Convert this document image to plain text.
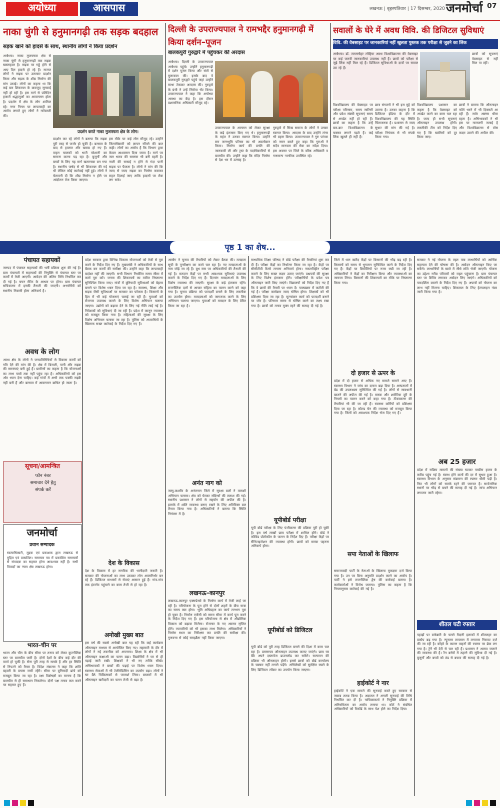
अयोध्या	आसपास	लखनऊ | बृहस्पतिवार | 17 दिसम्बर, 2020 जनमोर्चा 07
नाका चुंगी से हनुमानगढ़ी तक सड़क बदहाल
सड़क खाने को हादसे के साथ, स्थानीय लोगों ने किया प्रदर्शन

अयोध्या। नाका मुजफ्फरा क्षेत्र से नाका चुंगी से हनुमानगढ़ी तक सड़क खस्ताहाल है। सड़क पर गड्ढे होने से आए दिन हादसे हो रहे हैं। नाराज लोगों ने सड़क पर उतरकर प्रदर्शन किया और सड़क के शीघ्र निर्माण की मांग उठाई। लोगों का कहना था कि कई बार शिकायत के बावजूद सुनवाई नहीं हो रही है। इस मार्ग से प्रतिदिन हजारों श्रद्धालुओं का आवागमन होता है। प्रदर्शन में क्षेत्र के लोग शामिल रहे। नगर निगम पर लापरवाही का आरोप लगाते हुए लोगों ने नारेबाजी की।

प्रदर्शन करते नाका मुजफ्फरा क्षेत्र के लोग।

प्रदर्शन कर रहे लोगों ने बताया कि सड़क पूरी तरह से जर्जर हो चुकी है। बरसात के बाद से हालात और खराब हो गए हैं। वाहन चालकों को भारी परेशानी का सामना करना पड़ रहा है। बुजुर्गों और बच्चों के लिए यह मार्ग खतरनाक बन गया है। स्थानीय पार्षद से भी शिकायत की गई थी लेकिन कोई कार्रवाई नहीं हुई। लोगों ने चेतावनी दी कि शीघ्र निर्माण न होने पर आंदोलन तेज किया जाएगा।

इस मौके पर कई लोग मौजूद रहे। उन्होंने जिलाधिकारी को ज्ञापन सौंपने की बात कही। लोगों का आरोप है कि विभाग द्वारा केवल आश्वासन दिया जाता है। मार्ग पर जल भराव की समस्या भी बनी रहती है। नाली की सफाई न होने से गंदा पानी सड़क पर फैलता है। लोगों ने मांग की कि जल्द से जल्द सड़क का निर्माण कराकर राहत दिलाई जाए ताकि हादसों पर रोक लग सके।

दिल्ली के उपराज्यपाल ने रामभद्दैर हनुमानगढ़ी में किया दर्शन–पूजन
बालकपुरी गुरुद्वारे में पहुंचकर की अरदास

अयोध्या। दिल्ली के उपराज्यपाल अयोध्या पहुंचे। उन्होंने हनुमानगढ़ी में दर्शन पूजन किया और संतों से मुलाकात की। इसके बाद वे बालकपुरी गुरुद्वारे पहुंचे जहां उन्होंने मत्था टेककर अरदास की। गुरुद्वारे के ग्रंथी ने उन्हें सिरोपा भेंट किया। उपराज्यपाल ने कहा कि अयोध्या आस्था का केंद्र है। इस दौरान प्रशासनिक अधिकारी मौजूद रहे।

उपराज्यपाल के आगमन को लेकर सुरक्षा के कड़े इंतजाम किए गए थे। हनुमानगढ़ी के महंत ने उनका स्वागत किया। उन्होंने राम जन्मभूमि परिसर का भी अवलोकन किया। निर्माण कार्य की प्रगति की जानकारी ली और ट्रस्ट के पदाधिकारियों से बातचीत की। उन्होंने कहा कि मंदिर निर्माण से देश भर में उत्साह है।

गुरुद्वारे में सिख समाज के लोगों ने उनका स्वागत किया। अरदास के बाद उन्होंने लंगर भी ग्रहण किया। उपराज्यपाल ने गुरु परंपरा को नमन करते हुए कहा कि गुरुओं ने सदैव मानवता की सेवा का संदेश दिया। इस अवसर पर जिले के वरिष्ठ अधिकारी व गणमान्य नागरिक उपस्थित रहे।

सवालों के घेरे में अवध विवि. की डिजिटल सुविधाएं
विवि. की वेबसाइट पर जानकारियां नहीं खुलता पुस्तक तक परीक्षा से जुड़ने का लिंक

अयोध्या। डॉ. राममनोहर लोहिया अवध विश्वविद्यालय की वेबसाइट पर कई जरूरी जानकारियां उपलब्ध नहीं हैं। छात्रों को परीक्षा से जुड़े लिंक नहीं मिल रहे हैं। डिजिटल सुविधाओं के दावों पर सवाल उठ रहे हैं।

छात्रों को सूचनाएं वेबसाइट से नहीं मिल पा रहीं।

विश्वविद्यालय की वेबसाइट पर परीक्षा परिणाम, समय सारिणी और प्रवेश संबंधी सूचनाएं समय से अपडेट नहीं हो रही हैं। छात्रों का कहना है कि उन्हें बार-बार विश्वविद्यालय के चक्कर लगाने पड़ते हैं। कई लिंक खुलते ही नहीं हैं।

छात्र संगठनों ने भी इस मुद्दे को उठाया है। उनका कहना है कि डिजिटल इंडिया के दौर में विश्वविद्यालय की यह स्थिति चिंताजनक है। प्रशासन से जल्द सुधार की मांग की गई है। परीक्षा नियंत्रक से भी संपर्क किया गया।

विश्वविद्यालय प्रशासन का कहना है कि वेबसाइट को अपडेट करने का काम चल रहा है। जल्द ही सभी सूचनाएं ऑनलाइन उपलब्ध होंगी। तकनीकी टीम को निर्देश दिए गए हैं कि खामियों को दूर किया जाए।

छात्रों ने बताया कि ऑनलाइन फॉर्म भरने में भी दिक्कतें आ रही हैं। सर्वर अक्सर धीमा रहता है। अभिभावकों ने भी इस पर नाराजगी जताई है और विश्वविद्यालय से ठोस कदम उठाने की अपील की।

पृष्ठ 1 का शेष...
पंचायत सहायकों

जनपद में पंचायत सहायकों की भर्ती प्रक्रिया शुरू की गई है। ग्राम पंचायतों में सहायकों की नियुक्ति से पंचायत स्तर पर कार्यों में तेजी आएगी। आवेदन की अंतिम तिथि निर्धारित कर दी गई है। चयन मेरिट के आधार पर होगा। ग्राम पंचायत सचिवालय में इनकी तैनाती की जाएगी। अभ्यर्थियों को स्थानीय निवासी होना अनिवार्य है।

अवध के लोग

अवध क्षेत्र के लोगों ने जनप्रतिनिधियों से विकास कार्यों को गति देने की मांग की है। क्षेत्र में बिजली, पानी और सड़क की समस्याएं बनी हुई हैं। ग्रामीणों का कहना है कि योजनाओं का लाभ पात्रों तक नहीं पहुंच रहा है। अधिकारियों को इस ओर ध्यान देना चाहिए। कई गांवों में अभी तक पक्की सड़कें नहीं बनी हैं और बरसात में आवागमन बाधित हो जाता है।

सूचना/आमन्त्रित
फोन नंबर
समाचार देने हेतु
संपर्क करें
जनमोर्चा
प्रधान सम्पादक

स्वत्वाधिकारी, मुद्रक एवं प्रकाशक द्वारा लखनऊ से मुद्रित एवं प्रकाशित। समाचार पत्र में प्रकाशित समाचारों से संपादक का सहमत होना आवश्यक नहीं है। सभी विवादों का न्याय क्षेत्र लखनऊ होगा।

भारत–चीन पर

भारत और चीन के बीच सीमा पर तनाव को लेकर कूटनीतिक स्तर पर बातचीत जारी है। दोनों देशों के बीच कई दौर की वार्ता हो चुकी है। सेना पूरी तरह से सतर्क है और हर स्थिति से निपटने को तैयार है। विदेश मंत्रालय ने कहा कि शांति बहाली के प्रयास जारी रहेंगे। सीमा पर बुनियादी ढांचे को मजबूत किया जा रहा है। रक्षा विशेषज्ञों का मानना है कि बातचीत से ही समाधान निकलेगा। दोनों पक्ष तनाव कम करने पर सहमत हुए हैं।

प्रदेश सरकार द्वारा विभिन्न विकास योजनाओं को तेजी से पूरा करने के निर्देश दिए गए हैं। मुख्यमंत्री ने अधिकारियों के साथ बैठक कर कार्यों की समीक्षा की। उन्होंने कहा कि लापरवाही बर्दाश्त नहीं की जाएगी। सभी विभाग निर्धारित समय सीमा में कार्य पूरा करें। जनता की शिकायतों का त्वरित निस्तारण सुनिश्चित किया जाए। गांवों में बुनियादी सुविधाओं को बेहतर बनाने पर विशेष ध्यान दिया जा रहा है। स्वास्थ्य, शिक्षा और सड़क जैसी सुविधाओं पर सरकार का फोकस है। किसानों के हित में भी कई योजनाएं चलाई जा रही हैं। युवाओं को रोजगार उपलब्ध कराने के लिए विशेष अभियान चलाया जाएगा। उद्योगों को बढ़ावा देने के लिए नई नीति लाई गई है। निवेशकों को सुविधाएं दी जा रही हैं। प्रदेश में कानून व्यवस्था को मजबूत किया गया है। महिलाओं की सुरक्षा के लिए विशेष अभियान चलाया जा रहा है। पुलिस को अपराधियों के खिलाफ सख्त कार्रवाई के निर्देश दिए गए हैं।

देश के विकास

देश के विकास में हर नागरिक की भागीदारी जरूरी है। सरकार की योजनाओं का लाभ उठाकर लोग आत्मनिर्भर बन रहे हैं। डिजिटल माध्यमों से सेवाएं आसान हुई हैं। गांव-गांव तक इंटरनेट पहुंचाने का काम तेजी से हो रहा है।

अनोखी मुख्य बात

इस वर्ष की सबसे अनोखी बात यह रही कि कई कार्यक्रम ऑनलाइन माध्यम से आयोजित किए गए। महामारी के दौर में लोगों ने नई तकनीक को अपनाया। शिक्षा के क्षेत्र में भी ऑनलाइन कक्षाओं का चलन बढ़ा। विद्यार्थियों ने घर से ही पढ़ाई जारी रखी। शिक्षकों ने भी नए तरीके सीखे। अभिभावकों ने बच्चों की पढ़ाई पर विशेष ध्यान दिया। स्वास्थ्य सेवाओं में भी टेलीमेडिसिन का उपयोग बढ़ा। लोगों ने घर बैठे चिकित्सकों से परामर्श लिया। बाजारों में भी ऑनलाइन खरीदारी का चलन तेजी से बढ़ा है।

आयोग ने चुनाव की तैयारियों को लेकर बैठक की। मतदाता सूची के पुनरीक्षण का कार्य चल रहा है। नए मतदाताओं के नाम जोड़े जा रहे हैं। बूथ स्तर पर अधिकारियों की तैनाती की गई है। मतदान केंद्रों पर सभी आवश्यक सुविधाएं उपलब्ध कराने के निर्देश दिए गए हैं। दिव्यांग मतदाताओं के लिए विशेष व्यवस्था की जाएगी। सुरक्षा के कड़े इंतजाम रहेंगे। राजनीतिक दलों से आचार संहिता का पालन करने को कहा गया है। चुनाव प्रक्रिया को पारदर्शी बनाने के लिए तकनीक का उपयोग होगा। मतदाताओं को जागरूक करने के लिए अभियान चलाया जाएगा। युवाओं को मतदान के लिए प्रेरित किया जा रहा है।

अनंत नाग को

जम्मू-कश्मीर के अनंतनाग जिले में सुरक्षा बलों ने तलाशी अभियान चलाया। क्षेत्र को घेरकर संदिग्धों की तलाश की गई। स्थानीय प्रशासन ने लोगों से सहयोग की अपील की है। इलाके में शांति व्यवस्था बनाए रखने के लिए अतिरिक्त बल तैनात किया गया है। अधिकारियों ने बताया कि स्थिति नियंत्रण में है।

लखनऊ–कानपुर

लखनऊ-कानपुर एक्सप्रेसवे के निर्माण कार्य में तेजी लाई जा रही है। परियोजना के पूरा होने से दोनों शहरों के बीच यात्रा का समय कम होगा। भूमि अधिग्रहण का कार्य लगभग पूरा हो चुका है। निर्माण एजेंसी को समय सीमा में कार्य पूरा करने के निर्देश दिए गए हैं। इस परियोजना से क्षेत्र में औद्योगिक विकास को बढ़ावा मिलेगा। रोजगार के नए अवसर सृजित होंगे। व्यापारियों को भी इसका लाभ मिलेगा। अधिकारियों ने निर्माण स्थल का निरीक्षण कर प्रगति की समीक्षा की। गुणवत्ता से कोई समझौता नहीं किया जाएगा।

माध्यमिक शिक्षा परिषद ने बोर्ड परीक्षा की तैयारियां शुरू कर दी हैं। परीक्षा केंद्रों का निर्धारण किया जा रहा है। केंद्रों पर सीसीटीवी कैमरे लगाना अनिवार्य होगा। नकलविहीन परीक्षा कराने के लिए सख्त कदम उठाए जाएंगे। प्रश्नपत्रों की सुरक्षा के लिए विशेष इंतजाम होंगे। परीक्षार्थियों के प्रवेश पत्र ऑनलाइन जारी किए जाएंगे। विद्यालयों को निर्देश दिए गए हैं कि वे छात्रों की तैयारी पर ध्यान दें। पाठ्यक्रम में कटौती की गई है। परीक्षा कार्यक्रम जल्द घोषित होगा। शिक्षकों को भी प्रशिक्षण दिया जा रहा है। मूल्यांकन कार्य को पारदर्शी बनाने पर जोर है। परिणाम समय से घोषित करने का लक्ष्य रखा गया है। छात्रों को तनाव मुक्त रहने की सलाह दी गई है।

यूपीबोर्ड परीक्षा

यूपी बोर्ड परीक्षा के लिए पंजीकरण की प्रक्रिया पूरी हो चुकी है। इस वर्ष लाखों छात्र परीक्षा में शामिल होंगे। बोर्ड ने कोविड प्रोटोकॉल के पालन के निर्देश दिए हैं। परीक्षा केंद्रों पर सैनिटाइजेशन की व्यवस्था होगी। छात्रों को मास्क पहनना अनिवार्य होगा।

यूपीबोर्ड को डिजिटल

यूपी बोर्ड को पूरी तरह डिजिटल बनाने की दिशा में काम चल रहा है। प्रमाणपत्र ऑनलाइन उपलब्ध कराए जाएंगे। छात्र घर बैठे अपने दस्तावेज डाउनलोड कर सकेंगे। सत्यापन की प्रक्रिया भी ऑनलाइन होगी। इससे छात्रों को बोर्ड कार्यालय के चक्कर नहीं लगाने पड़ेंगे। अभिलेखों को सुरक्षित रखने के लिए डिजिटल लॉकर का उपयोग किया जाएगा।

जिले में धान खरीद केंद्रों पर किसानों की भीड़ बढ़ रही है। किसानों को समय से भुगतान सुनिश्चित करने के निर्देश दिए गए हैं। केंद्रों पर बिचौलियों पर नजर रखी जा रही है। अधिकारियों ने केंद्रों का निरीक्षण किया और व्यवस्थाओं का जायजा लिया। किसानों की शिकायतों का मौके पर निस्तारण किया गया।

दो हजार से ऊपर के

प्रदेश में दो हजार से अधिक नए मामले सामने आए हैं। स्वास्थ्य विभाग ने जांच का दायरा बढ़ा दिया है। अस्पतालों में बेड की उपलब्धता सुनिश्चित की गई है। लोगों से सावधानी बरतने की अपील की गई है। मास्क और शारीरिक दूरी के नियमों का पालन करने को कहा गया है। टीकाकरण की तैयारियां भी की जा रही हैं। स्वास्थ्य कर्मियों को प्रशिक्षण दिया जा रहा है। कोल्ड चेन की व्यवस्था को मजबूत किया गया है। जिलों को आवश्यक निर्देश भेज दिए गए हैं।

सपा नेताओं के खिलाफ

समाजवादी पार्टी के नेताओं के खिलाफ मुकदमा दर्ज किया गया है। उन पर बिना अनुमति प्रदर्शन करने का आरोप है। पार्टी ने इसे राजनीतिक द्वेष की कार्रवाई बताया है। कार्यकर्ताओं ने विरोध जताया। पुलिस का कहना है कि नियमानुसार कार्रवाई की गई है।

हाईकोर्ट ने नार

हाईकोर्ट ने एक मामले की सुनवाई करते हुए सरकार से जवाब तलब किया है। अदालत ने अगली सुनवाई की तिथि निर्धारित कर दी है। याचिकाकर्ता ने नियुक्ति प्रक्रिया में अनियमितता का आरोप लगाया था। कोर्ट ने संबंधित अधिकारियों को रिकॉर्ड के साथ पेश होने का निर्देश दिया।

सरकार ने नई योजना के तहत पात्र लाभार्थियों को आर्थिक सहायता देने की घोषणा की है। आवेदन ऑनलाइन किए जा सकेंगे। लाभार्थियों के खाते में सीधे राशि भेजी जाएगी। योजना का उद्देश्य गरीब परिवारों को राहत पहुंचाना है। ग्राम पंचायत स्तर पर शिविर लगाकर आवेदन लिए जाएंगे। अधिकारियों को पारदर्शिता बरतने के निर्देश दिए गए हैं। अपात्रों को योजना का लाभ नहीं मिलना चाहिए। शिकायत के लिए हेल्पलाइन नंबर जारी किया गया है।

अब 25 हजार

प्रदेश में सक्रिय मामलों की संख्या घटकर पच्चीस हजार के करीब पहुंच गई है। स्वस्थ होने वालों की दर में सुधार हुआ है। स्वास्थ्य विभाग के अनुसार संक्रमण की रफ्तार धीमी पड़ी है। फिर भी लोगों को सतर्क रहने की जरूरत है। सार्वजनिक स्थानों पर भीड़ से बचने की सलाह दी गई है। जांच अभियान लगातार जारी रहेगा।

शीतल घटी रफ्तार

पहाड़ों पर बर्फबारी के चलते मैदानी इलाकों में शीतलहर का प्रकोप बढ़ गया है। न्यूनतम तापमान में लगातार गिरावट दर्ज की जा रही है। कोहरे के कारण वाहनों की रफ्तार पर ब्रेक लग गया है। ट्रेनें भी देरी से चल रही हैं। प्रशासन ने अलाव जलाने की व्यवस्था की है। रैन बसेरों में ठहरने की सुविधा दी गई है। बुजुर्गों और बच्चों को ठंड से बचाव की सलाह दी गई है।
